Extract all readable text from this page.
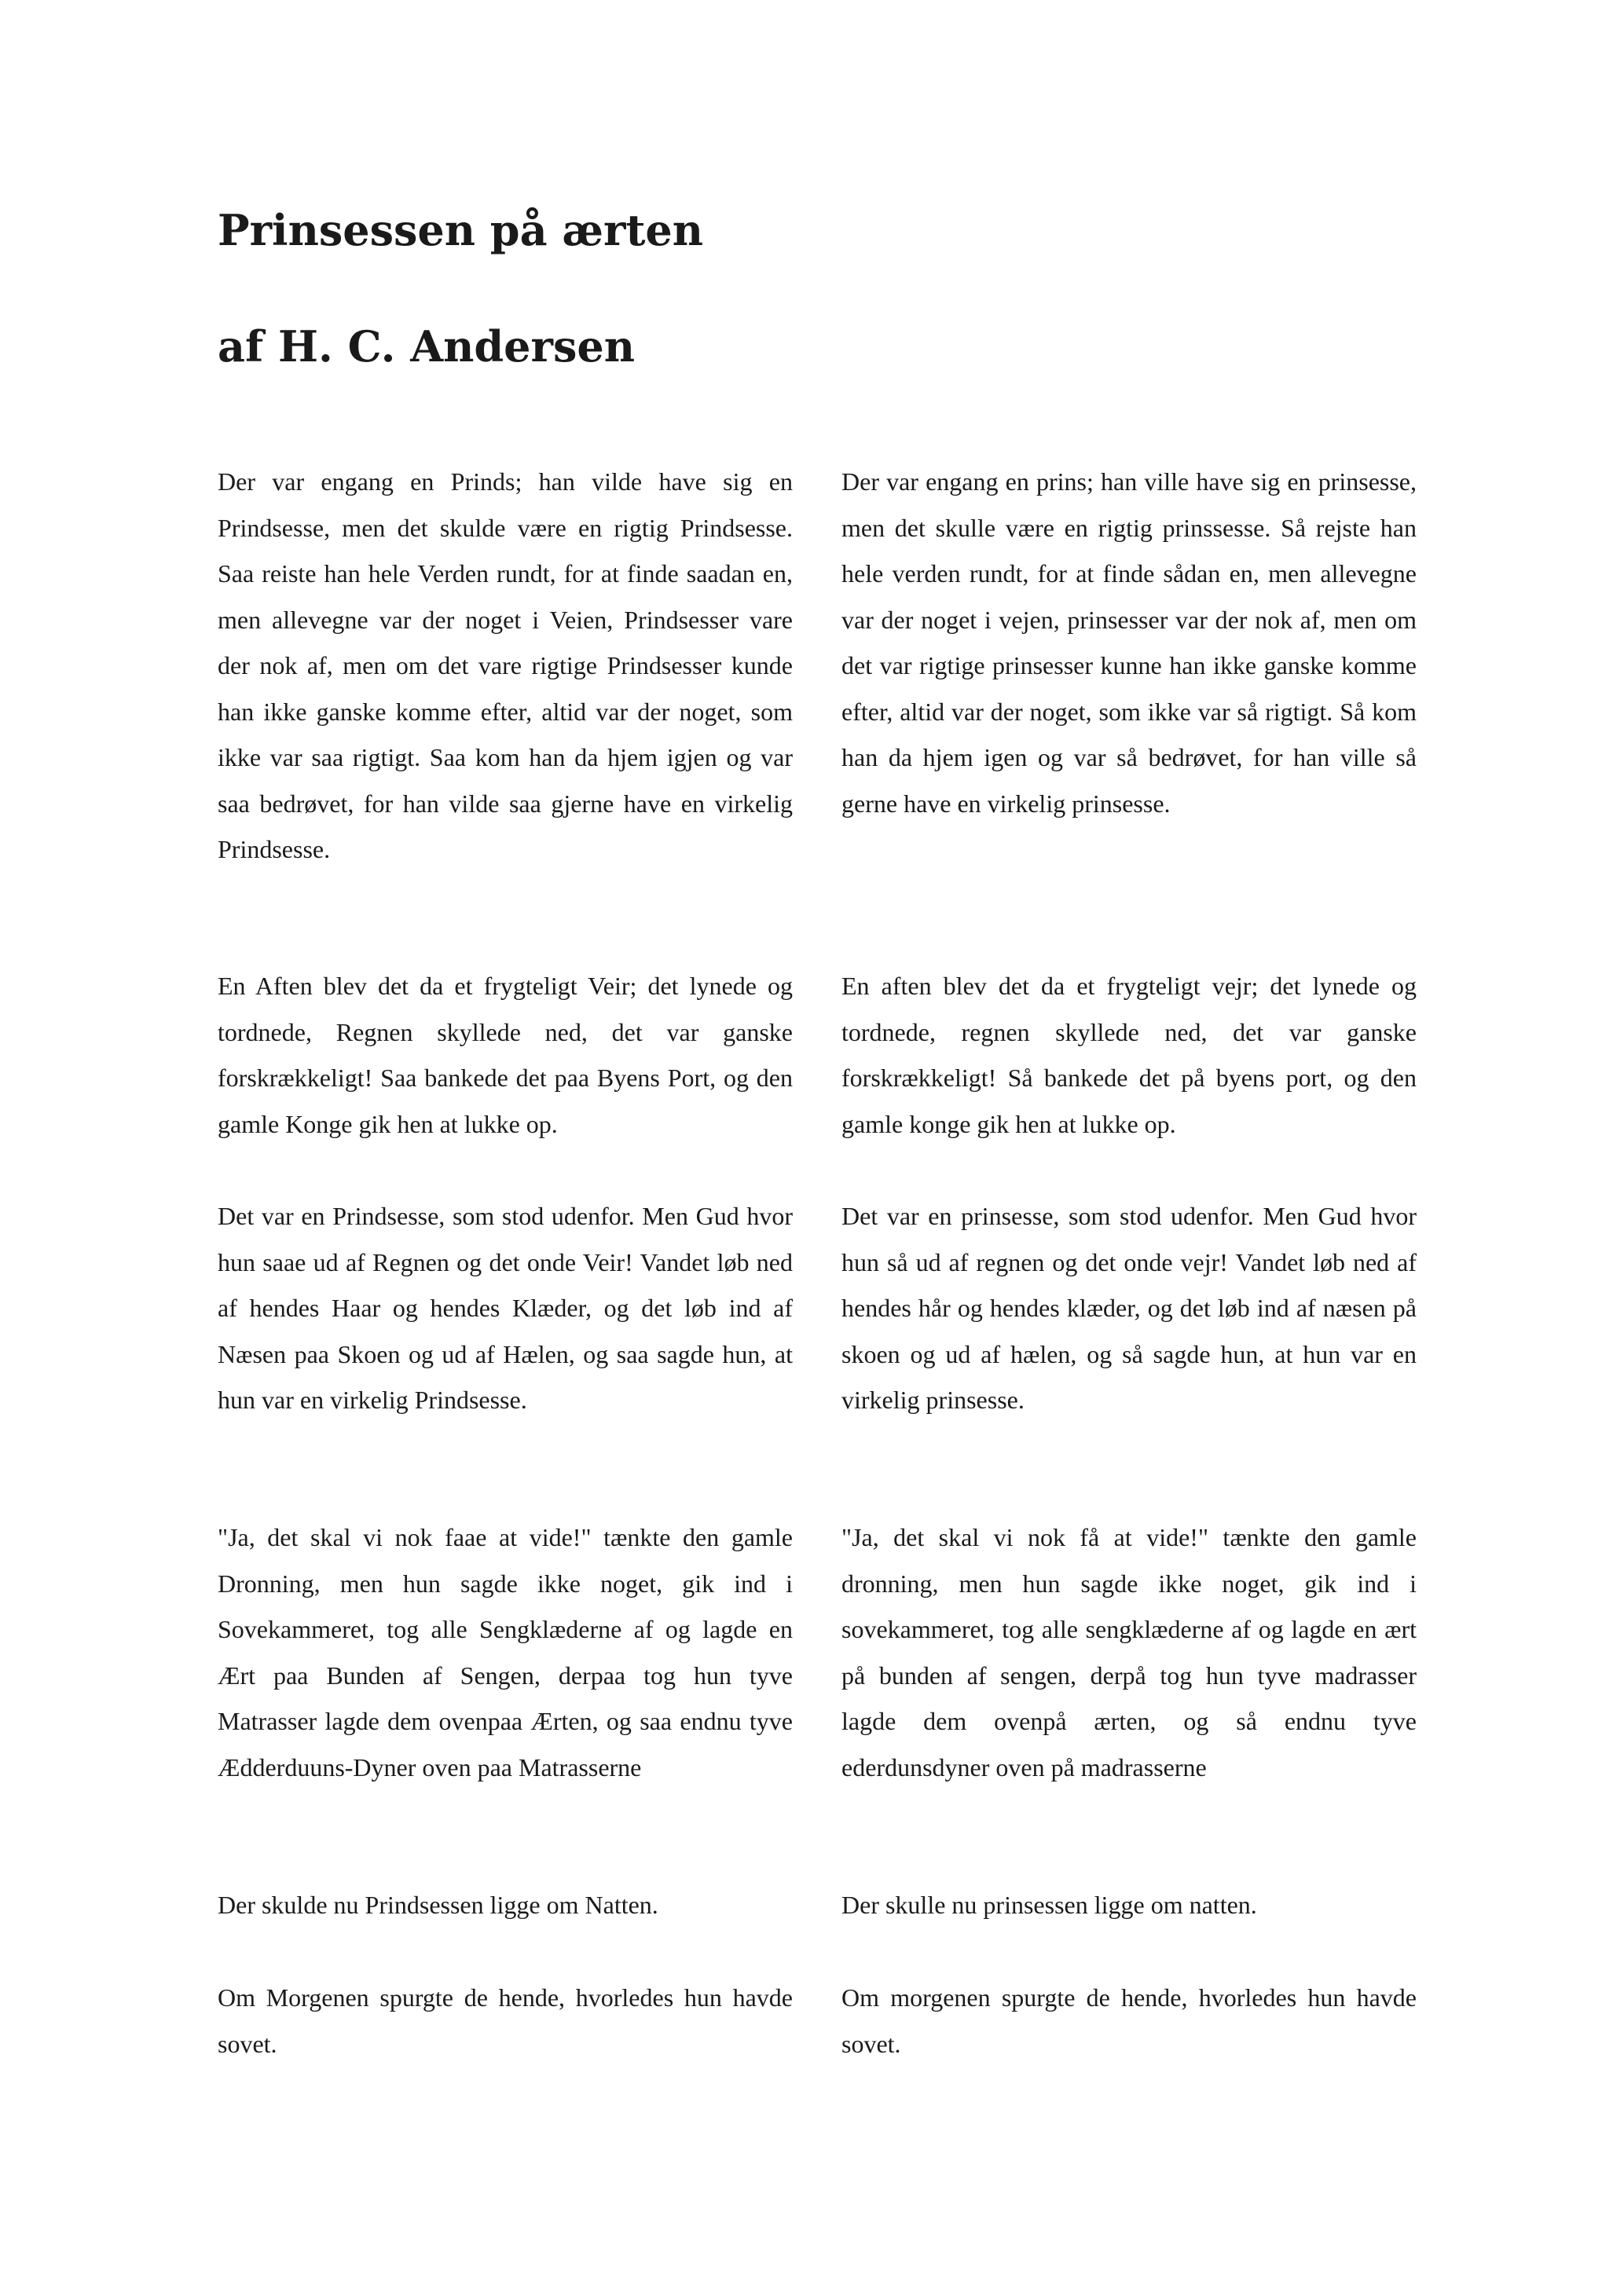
Prinsessen på ærten
af H. C. Andersen

Der var engang en Prinds; han vilde have sig en Prindsesse, men det skulde være en rigtig Prindsesse. Saa reiste han hele Verden rundt, for at finde saadan en, men allevegne var der noget i Veien, Prindsesser vare der nok af, men om det vare rigtige Prindsesser kunde han ikke ganske komme efter, altid var der noget, som ikke var saa rigtigt. Saa kom han da hjem igjen og var saa bedrøvet, for han vilde saa gjerne have en virkelig Prindsesse.

Der var engang en prins; han ville have sig en prinsesse, men det skulle være en rigtig prinssesse. Så rejste han hele verden rundt, for at finde sådan en, men allevegne var der noget i vejen, prinsesser var der nok af, men om det var rigtige prinsesser kunne han ikke ganske komme efter, altid var der noget, som ikke var så rigtigt. Så kom han da hjem igen og var så bedrøvet, for han ville så gerne have en virkelig prinsesse.

En Aften blev det da et frygteligt Veir; det lynede og tordnede, Regnen skyllede ned, det var ganske forskrækkeligt! Saa bankede det paa Byens Port, og den gamle Konge gik hen at lukke op.

En aften blev det da et frygteligt vejr; det lynede og tordnede, regnen skyllede ned, det var ganske forskrækkeligt! Så bankede det på byens port, og den gamle konge gik hen at lukke op.

Det var en Prindsesse, som stod udenfor. Men Gud hvor hun saae ud af Regnen og det onde Veir! Vandet løb ned af hendes Haar og hendes Klæder, og det løb ind af Næsen paa Skoen og ud af Hælen, og saa sagde hun, at hun var en virkelig Prindsesse.

Det var en prinsesse, som stod udenfor. Men Gud hvor hun så ud af regnen og det onde vejr! Vandet løb ned af hendes hår og hendes klæder, og det løb ind af næsen på skoen og ud af hælen, og så sagde hun, at hun var en virkelig prinsesse.

"Ja, det skal vi nok faae at vide!" tænkte den gamle Dronning, men hun sagde ikke noget, gik ind i Sovekammeret, tog alle Sengklæderne af og lagde en Ært paa Bunden af Sengen, derpaa tog hun tyve Matrasser lagde dem ovenpaa Ærten, og saa endnu tyve Ædderduuns-Dyner oven paa Matrasserne

"Ja, det skal vi nok få at vide!" tænkte den gamle dronning, men hun sagde ikke noget, gik ind i sovekammeret, tog alle sengklæderne af og lagde en ært på bunden af sengen, derpå tog hun tyve madrasser lagde dem ovenpå ærten, og så endnu tyve ederdunsdyner oven på madrasserne

Der skulde nu Prindsessen ligge om Natten.	Der skulle nu prinsessen ligge om natten.

Om Morgenen spurgte de hende, hvorledes hun havde sovet.

Om morgenen spurgte de hende, hvorledes hun havde sovet.
